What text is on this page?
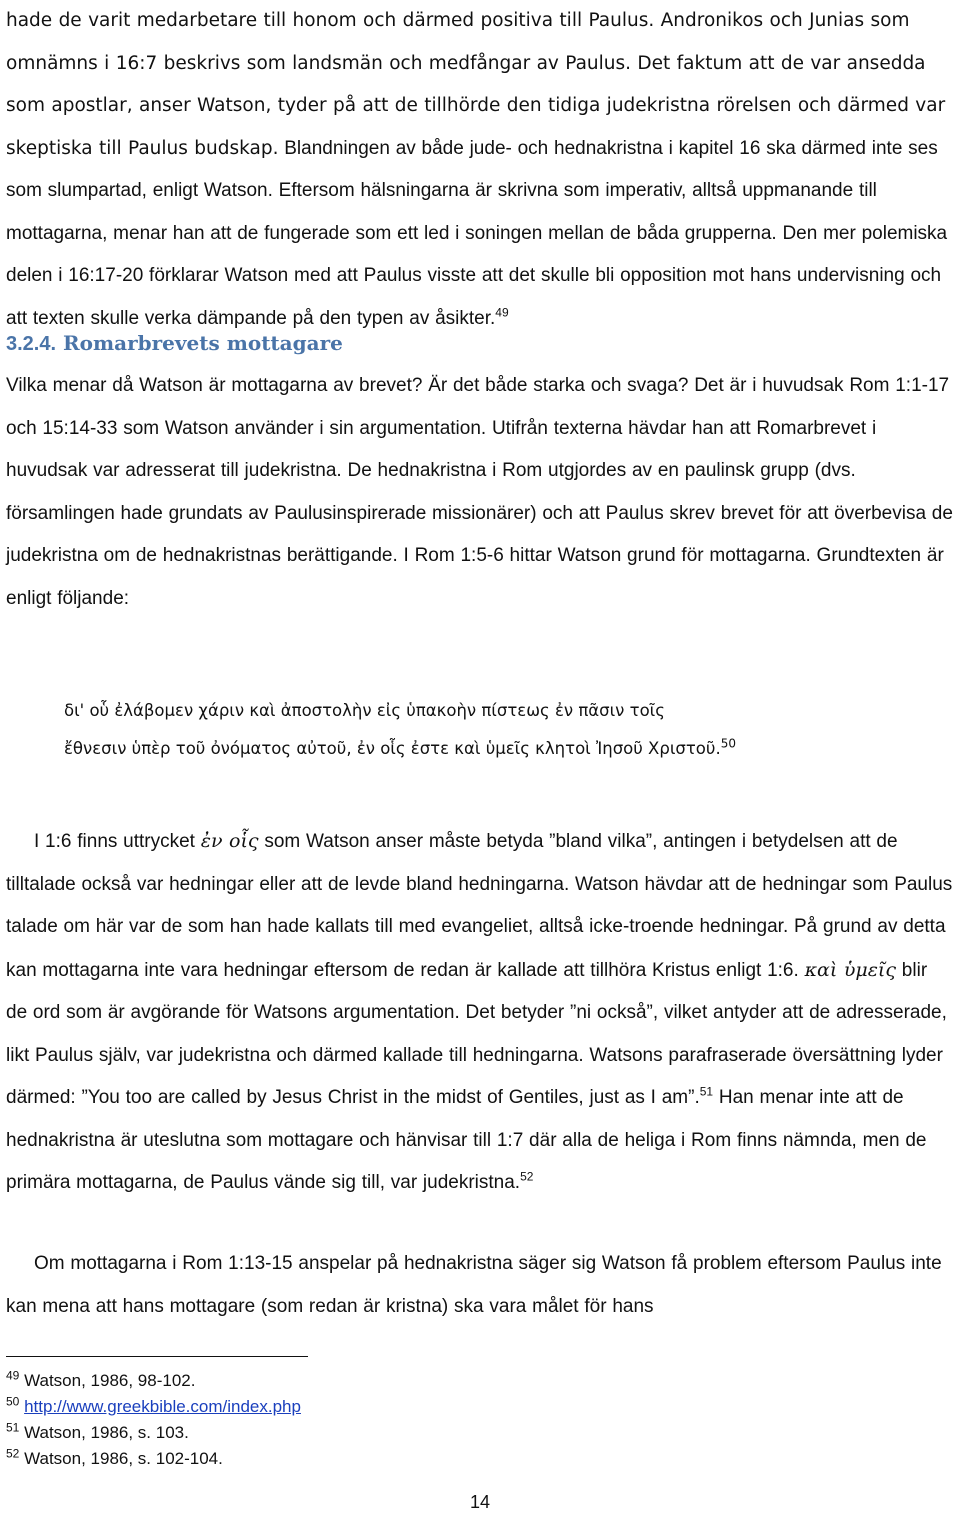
hade de varit medarbetare till honom och därmed positiva till Paulus. Andronikos och Junias som
omnämns i 16:7 beskrivs som landsmän och medfångar av Paulus. Det faktum att de var ansedda
som apostlar, anser Watson, tyder på att de tillhörde den tidiga judekristna rörelsen och därmed var
skeptiska till Paulus budskap. Blandningen av både jude- och hednakristna i kapitel 16 ska därmed inte ses som slumpartad, enligt Watson. Eftersom hälsningarna är skrivna som imperativ, alltså uppmanande till mottagarna, menar han att de fungerade som ett led i soningen mellan de båda grupperna. Den mer polemiska delen i 16:17-20 förklarar Watson med att Paulus visste att det skulle bli opposition mot hans undervisning och att texten skulle verka dämpande på den typen av åsikter.$^{49}$
3.2.4. Romarbrevets mottagare
Vilka menar då Watson är mottagarna av brevet? Är det både starka och svaga? Det är i huvudsak Rom 1:1-17 och 15:14-33 som Watson använder i sin argumentation. Utifrån texterna hävdar han att Romarbrevet i huvudsak var adresserat till judekristna. De hednakristna i Rom utgjordes av en paulinsk grupp (dvs. församlingen hade grundats av Paulusinspirerade missionärer) och att Paulus skrev brevet för att överbevisa de judekristna om de hednakristnas berättigande. I Rom 1:5-6 hittar Watson grund för mottagarna. Grundtexten är enligt följande:
δι' οὗ ἐλάβομεν χάριν καὶ ἀποστολὴν εἰς ὑπακοὴν πίστεως ἐν πᾶσιν τοῖς
ἔθνεσιν ὑπὲρ τοῦ ὀνόματος αὐτοῦ, ἐν οἷς ἐστε καὶ ὑμεῖς κλητοὶ Ἰησοῦ Χριστοῦ.$^{50}$
I 1:6 finns uttrycket ἐν οἷς som Watson anser måste betyda ”bland vilka”, antingen i betydelsen att de tilltalade också var hedningar eller att de levde bland hedningarna. Watson hävdar att de hedningar som Paulus talade om här var de som han hade kallats till med evangeliet, alltså icke-troende hedningar. På grund av detta kan mottagarna inte vara hedningar eftersom de redan är kallade att tillhöra Kristus enligt 1:6. καὶ ὑμεῖς blir de ord som är avgörande för Watsons argumentation. Det betyder ”ni också”, vilket antyder att de adresserade, likt Paulus själv, var judekristna och därmed kallade till hedningarna. Watsons parafraserade översättning lyder därmed: ”You too are called by Jesus Christ in the midst of Gentiles, just as I am”.$^{51}$ Han menar inte att de hednakristna är uteslutna som mottagare och hänvisar till 1:7 där alla de heliga i Rom finns nämnda, men de primära mottagarna, de Paulus vände sig till, var judekristna.$^{52}$
Om mottagarna i Rom 1:13-15 anspelar på hednakristna säger sig Watson få problem eftersom Paulus inte kan mena att hans mottagare (som redan är kristna) ska vara målet för hans
$^{49}$ Watson, 1986, 98-102.
$^{50}$ http://www.greekbible.com/index.php
$^{51}$ Watson, 1986, s. 103.
$^{52}$ Watson, 1986, s. 102-104.
14
